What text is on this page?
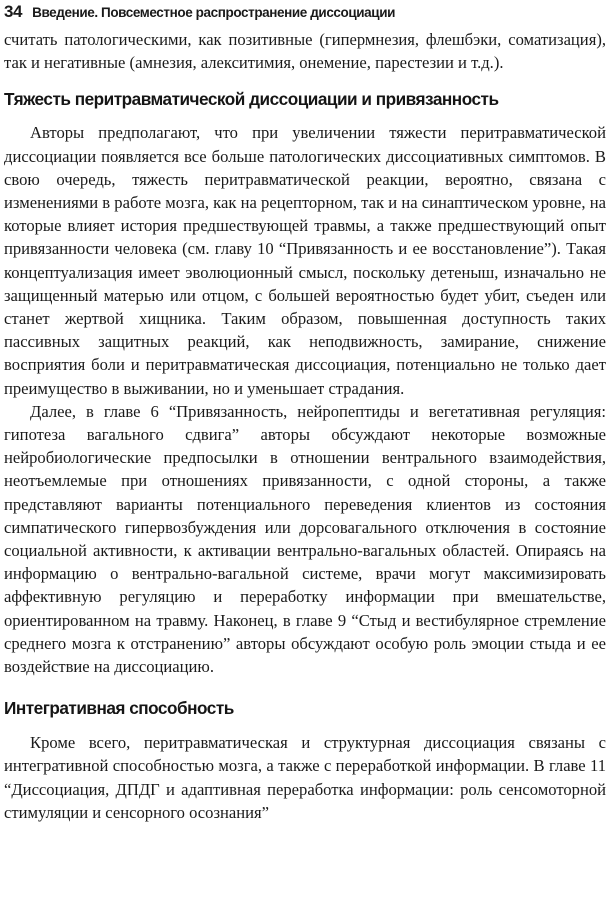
34 Введение. Повсеместное распространение диссоциации

считать патологическими, как позитивные (гипермнезия, флешбэки, соматизация), так и негативные (амнезия, алекситимия, онемение, парестезии и т.д.).

Тяжесть перитравматической диссоциации и привязанность

Авторы предполагают, что при увеличении тяжести перитравматической диссоциации появляется все больше патологических диссоциативных симптомов. В свою очередь, тяжесть перитравматической реакции, вероятно, связана с изменениями в работе мозга, как на рецепторном, так и на синаптическом уровне, на которые влияет история предшествующей травмы, а также предшествующий опыт привязанности человека (см. главу 10 “Привязанность и ее восстановление”). Такая концептуализация имеет эволюционный смысл, поскольку детеныш, изначально не защищенный матерью или отцом, с большей вероятностью будет убит, съеден или станет жертвой хищника. Таким образом, повышенная доступность таких пассивных защитных реакций, как неподвижность, замирание, снижение восприятия боли и перитравматическая диссоциация, потенциально не только дает преимущество в выживании, но и уменьшает страдания.

Далее, в главе 6 “Привязанность, нейропептиды и вегетативная регуляция: гипотеза вагального сдвига” авторы обсуждают некоторые возможные нейробиологические предпосылки в отношении вентрального взаимодействия, неотъемлемые при отношениях привязанности, с одной стороны, а также представляют варианты потенциального переведения клиентов из состояния симпатического гипервозбуждения или дорсовагального отключения в состояние социальной активности, к активации вентрально-вагальных областей. Опираясь на информацию о вентрально-вагальной системе, врачи могут максимизировать аффективную регуляцию и переработку информации при вмешательстве, ориентированном на травму. Наконец, в главе 9 “Стыд и вестибулярное стремление среднего мозга к отстранению” авторы обсуждают особую роль эмоции стыда и ее воздействие на диссоциацию.

Интегративная способность

Кроме всего, перитравматическая и структурная диссоциация связаны с интегративной способностью мозга, а также с переработкой информации. В главе 11 “Диссоциация, ДПДГ и адаптивная переработка информации: роль сенсомоторной стимуляции и сенсорного осознания”
